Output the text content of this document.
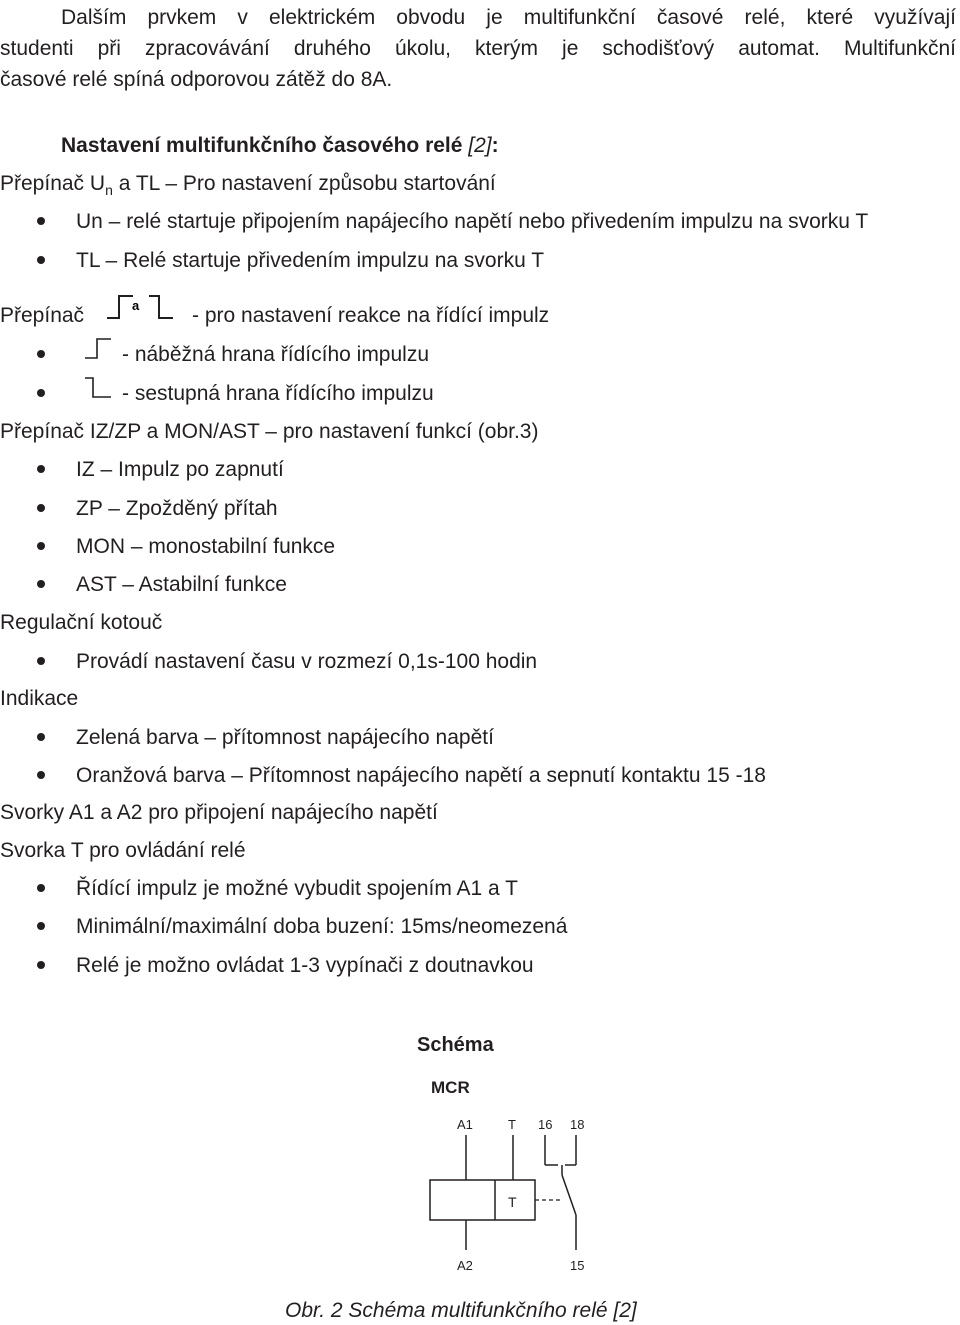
Dalším prvkem v elektrickém obvodu je multifunkční časové relé, které využívají
studenti při zpracovávání druhého úkolu, kterým je schodišťový automat. Multifunkční
časové relé spíná odporovou zátěž do 8A.
Nastavení multifunkčního časového relé [2]:
Přepínač $U_n$ a TL – Pro nastavení způsobu startování
Un – relé startuje připojením napájecího napětí nebo přivedením impulzu na svorku T
TL – Relé startuje přivedením impulzu na svorku T
Přepínač	a	- pro nastavení reakce na řídící impulz
- náběžná hrana řídícího impulzu
- sestupná hrana řídícího impulzu
Přepínač IZ/ZP a MON/AST – pro nastavení funkcí (obr.3)
IZ – Impulz po zapnutí
ZP – Zpožděný přítah
MON – monostabilní funkce
AST – Astabilní funkce
Regulační kotouč
Provádí nastavení času v rozmezí 0,1s-100 hodin
Indikace
Zelená barva – přítomnost napájecího napětí
Oranžová barva – Přítomnost napájecího napětí a sepnutí kontaktu 15 -18
Svorky A1 a A2 pro připojení napájecího napětí
Svorka T pro ovládání relé
Řídící impulz je možné vybudit spojením A1 a T
Minimální/maximální doba buzení: 15ms/neomezená
Relé je možno ovládat 1-3 vypínači z doutnavkou
Schéma
MCR
A1	T 16 18
T
A2	15
Obr. 2 Schéma multifunkčního relé [2]
